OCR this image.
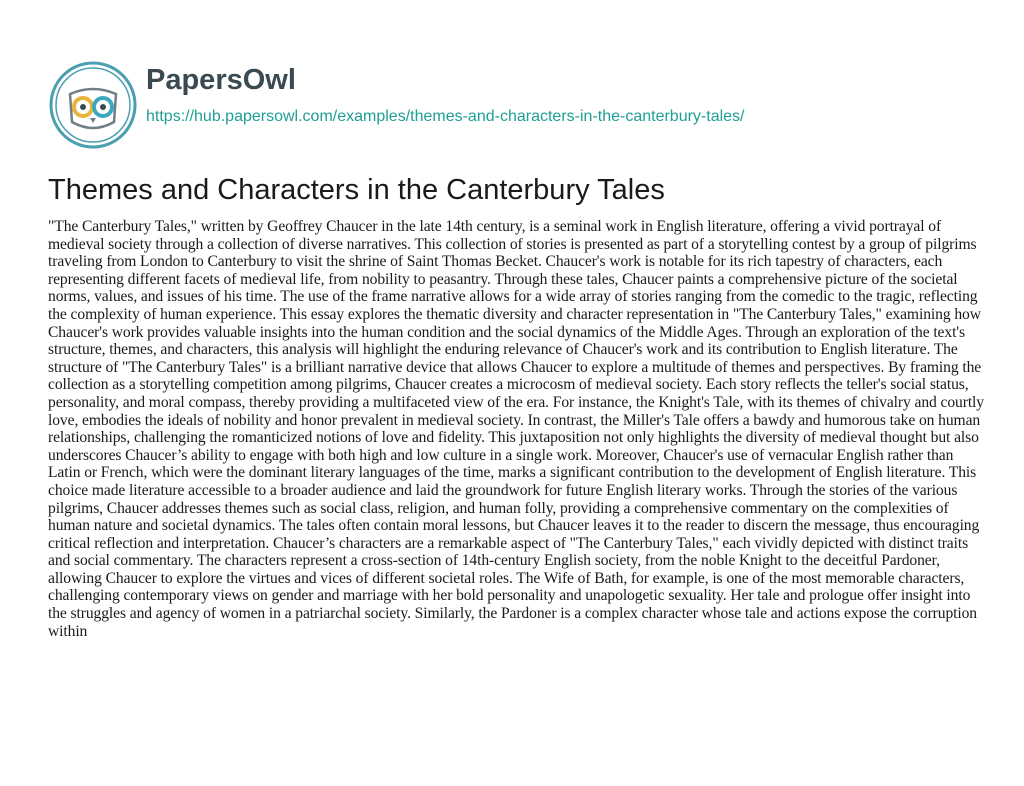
PapersOwl
https://hub.papersowl.com/examples/themes-and-characters-in-the-canterbury-tales/
Themes and Characters in the Canterbury Tales

"The Canterbury Tales," written by Geoffrey Chaucer in the late 14th century, is a seminal work in English literature, offering a vivid portrayal of medieval society through a collection of diverse narratives. This collection of stories is presented as part of a storytelling contest by a group of pilgrims traveling from London to Canterbury to visit the shrine of Saint Thomas Becket. Chaucer's work is notable for its rich tapestry of characters, each representing different facets of medieval life, from nobility to peasantry. Through these tales, Chaucer paints a comprehensive picture of the societal norms, values, and issues of his time. The use of the frame narrative allows for a wide array of stories ranging from the comedic to the tragic, reflecting the complexity of human experience. This essay explores the thematic diversity and character representation in "The Canterbury Tales," examining how Chaucer's work provides valuable insights into the human condition and the social dynamics of the Middle Ages. Through an exploration of the text's structure, themes, and characters, this analysis will highlight the enduring relevance of Chaucer's work and its contribution to English literature. The structure of "The Canterbury Tales" is a brilliant narrative device that allows Chaucer to explore a multitude of themes and perspectives. By framing the collection as a storytelling competition among pilgrims, Chaucer creates a microcosm of medieval society. Each story reflects the teller's social status, personality, and moral compass, thereby providing a multifaceted view of the era. For instance, the Knight's Tale, with its themes of chivalry and courtly love, embodies the ideals of nobility and honor prevalent in medieval society. In contrast, the Miller's Tale offers a bawdy and humorous take on human relationships, challenging the romanticized notions of love and fidelity. This juxtaposition not only highlights the diversity of medieval thought but also underscores Chaucer’s ability to engage with both high and low culture in a single work. Moreover, Chaucer's use of vernacular English rather than Latin or French, which were the dominant literary languages of the time, marks a significant contribution to the development of English literature. This choice made literature accessible to a broader audience and laid the groundwork for future English literary works. Through the stories of the various pilgrims, Chaucer addresses themes such as social class, religion, and human folly, providing a comprehensive commentary on the complexities of human nature and societal dynamics. The tales often contain moral lessons, but Chaucer leaves it to the reader to discern the message, thus encouraging critical reflection and interpretation. Chaucer’s characters are a remarkable aspect of "The Canterbury Tales," each vividly depicted with distinct traits and social commentary. The characters represent a cross-section of 14th-century English society, from the noble Knight to the deceitful Pardoner, allowing Chaucer to explore the virtues and vices of different societal roles. The Wife of Bath, for example, is one of the most memorable characters, challenging contemporary views on gender and marriage with her bold personality and unapologetic sexuality. Her tale and prologue offer insight into the struggles and agency of women in a patriarchal society. Similarly, the Pardoner is a complex character whose tale and actions expose the corruption within
